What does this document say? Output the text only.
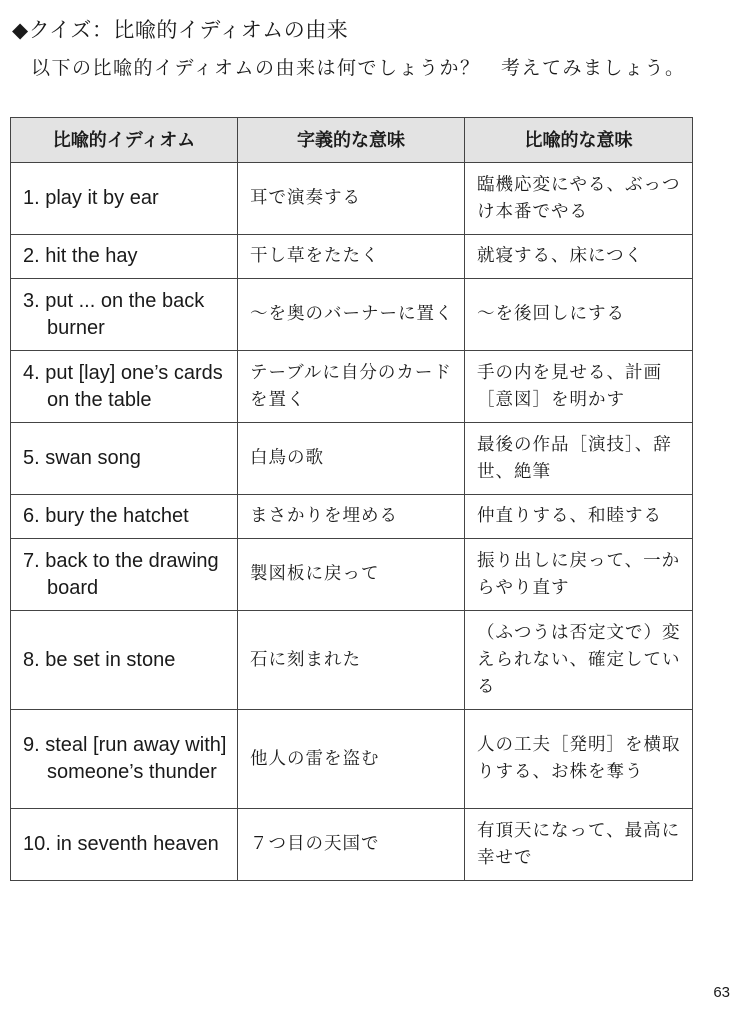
◆クイズ：比喩的イディオムの由来
以下の比喩的イディオムの由来は何でしょうか？　考えてみましょう。
比喩的イディオム	字義的な意味	比喩的な意味

1. play it by ear	耳で演奏する	臨機応変にやる、ぶっつけ本番でやる

2. hit the hay	干し草をたたく	就寝する、床につく

3. put ... on the back burner	～を奥のバーナーに置く	～を後回しにする

4. put [lay] one’s cards on the table	テーブルに自分のカードを置く	手の内を見せる、計画［意図］を明かす

5. swan song	白鳥の歌	最後の作品［演技］、辞世、絶筆

6. bury the hatchet	まさかりを埋める	仲直りする、和睦する

7. back to the drawing board	製図板に戻って	振り出しに戻って、一からやり直す

8. be set in stone	石に刻まれた	（ふつうは否定文で）変えられない、確定している

9. steal [run away with] someone’s thunder	他人の雷を盗む	人の工夫［発明］を横取りする、お株を奪う

10. in seventh heaven	７つ目の天国で	有頂天になって、最高に幸せで
63
